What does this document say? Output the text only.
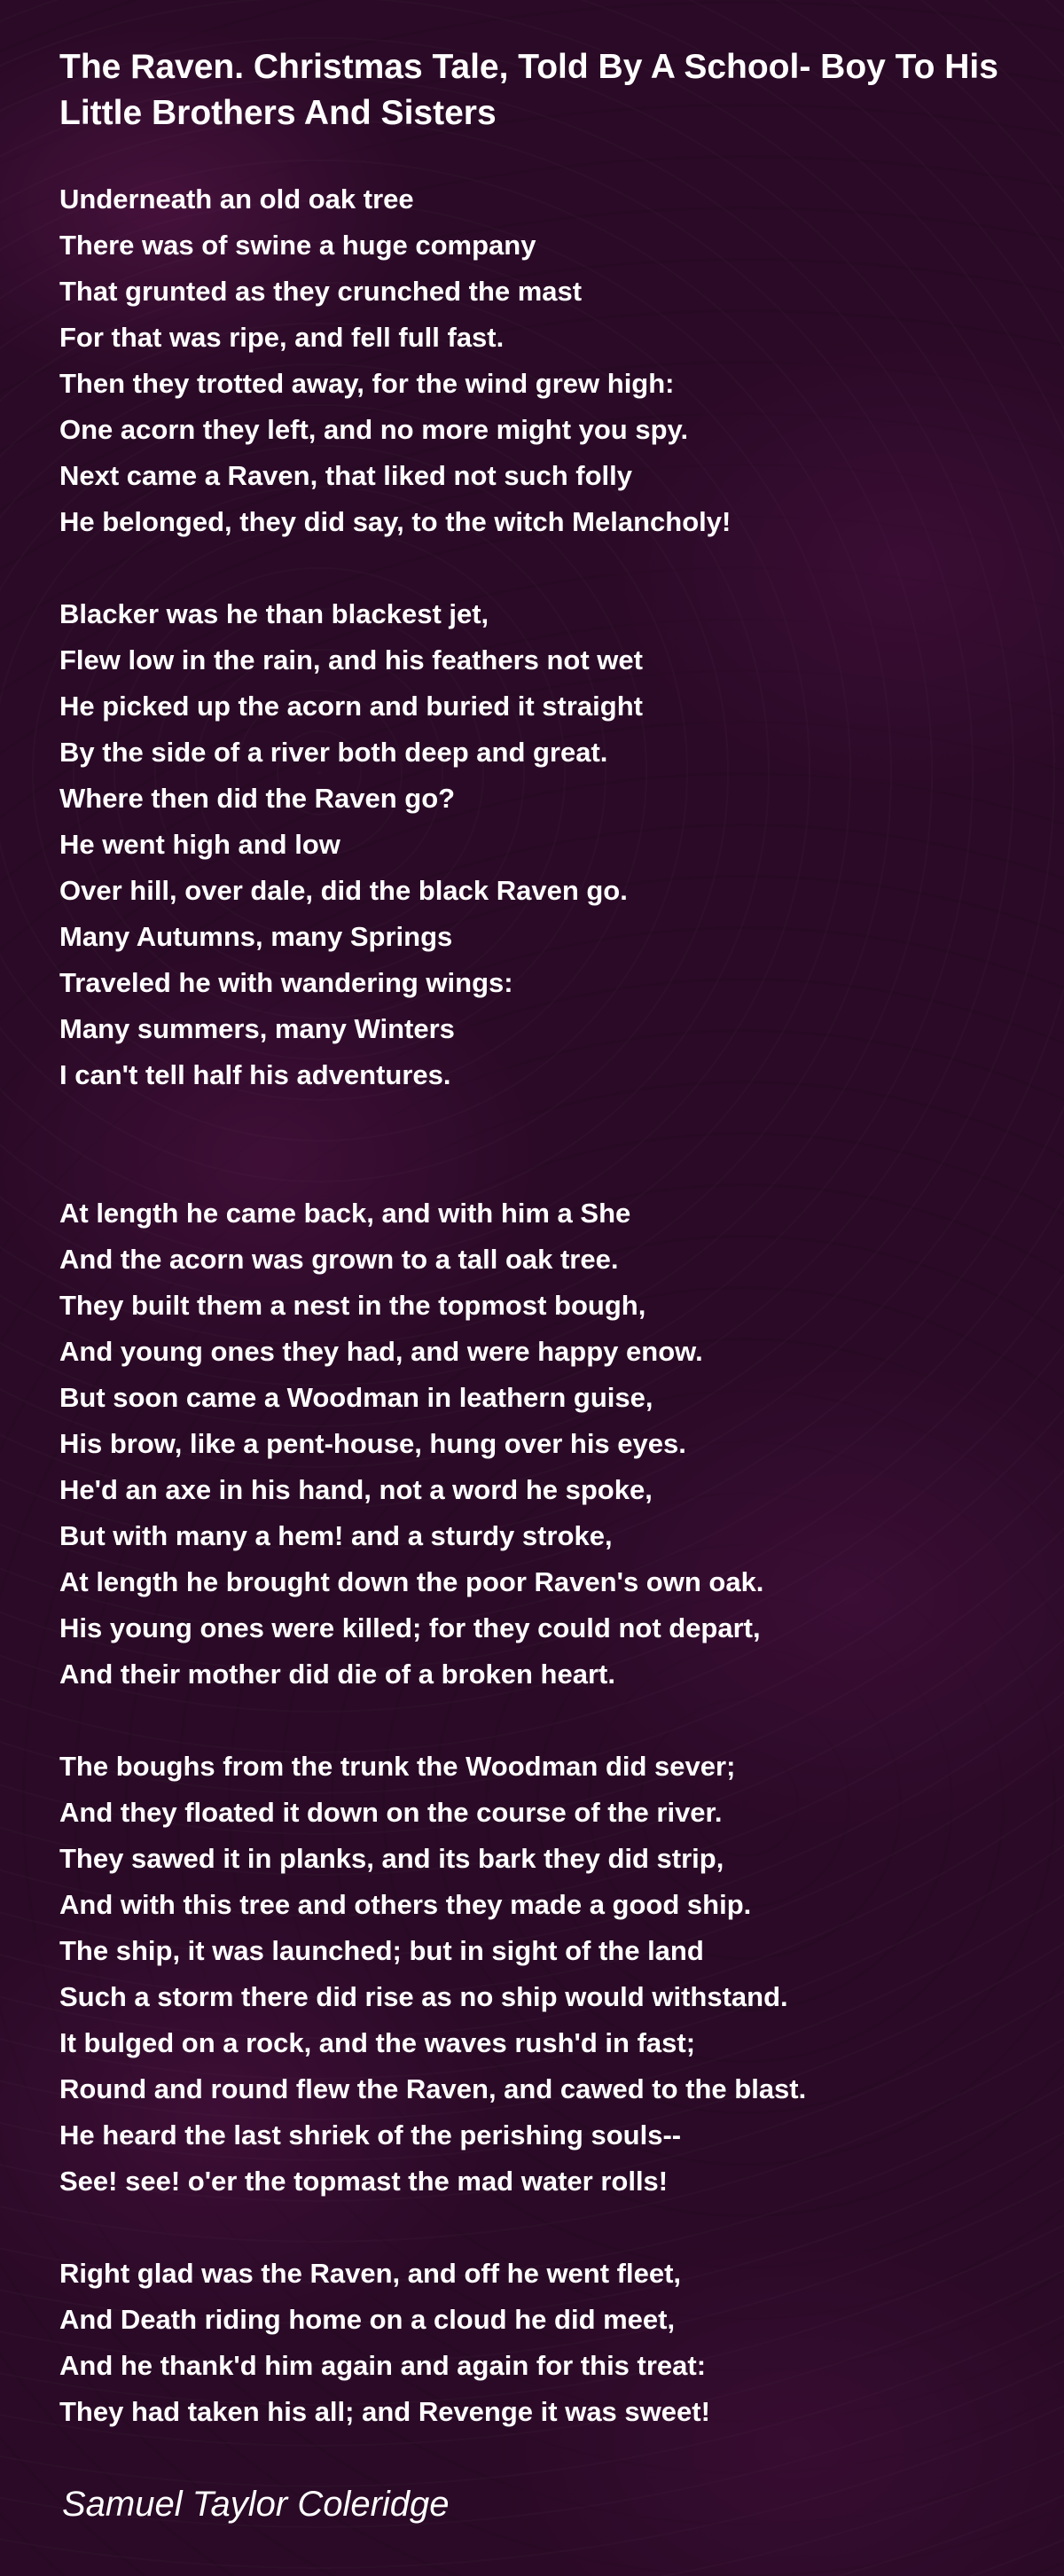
The Raven. Christmas Tale, Told By A School- Boy To His Little Brothers And Sisters
Underneath an old oak tree
There was of swine a huge company
That grunted as they crunched the mast
For that was ripe, and fell full fast.
Then they trotted away, for the wind grew high:
One acorn they left, and no more might you spy.
Next came a Raven, that liked not such folly
He belonged, they did say, to the witch Melancholy!
Blacker was he than blackest jet,
Flew low in the rain, and his feathers not wet
He picked up the acorn and buried it straight
By the side of a river both deep and great.
Where then did the Raven go?
He went high and low
Over hill, over dale, did the black Raven go.
Many Autumns, many Springs
Traveled he with wandering wings:
Many summers, many Winters
I can't tell half his adventures.
At length he came back, and with him a She
And the acorn was grown to a tall oak tree.
They built them a nest in the topmost bough,
And young ones they had, and were happy enow.
But soon came a Woodman in leathern guise,
His brow, like a pent-house, hung over his eyes.
He'd an axe in his hand, not a word he spoke,
But with many a hem! and a sturdy stroke,
At length he brought down the poor Raven's own oak.
His young ones were killed; for they could not depart,
And their mother did die of a broken heart.
The boughs from the trunk the Woodman did sever;
And they floated it down on the course of the river.
They sawed it in planks, and its bark they did strip,
And with this tree and others they made a good ship.
The ship, it was launched; but in sight of the land
Such a storm there did rise as no ship would withstand.
It bulged on a rock, and the waves rush'd in fast;
Round and round flew the Raven, and cawed to the blast.
He heard the last shriek of the perishing souls--
See! see! o'er the topmast the mad water rolls!
Right glad was the Raven, and off he went fleet,
And Death riding home on a cloud he did meet,
And he thank'd him again and again for this treat:
They had taken his all; and Revenge it was sweet!
Samuel Taylor Coleridge
